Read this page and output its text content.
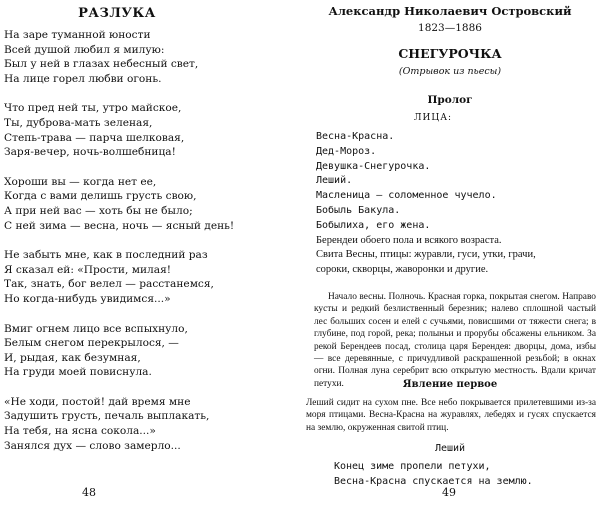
РАЗЛУКА
На заре туманной юности
Всей душой любил я милую:
Был у ней в глазах небесный свет,
На лице горел любви огонь.
Что пред ней ты, утро майское,
Ты, дуброва-мать зеленая,
Степь-трава — парча шелковая,
Заря-вечер, ночь-волшебница!
Хороши вы — когда нет ее,
Когда с вами делишь грусть свою,
А при ней вас — хоть бы не было;
С ней зима — весна, ночь — ясный день!
Не забыть мне, как в последний раз
Я сказал ей: «Прости, милая!
Так, знать, бог велел — расстанемся,
Но когда-нибудь увидимся...»
Вмиг огнем лицо все вспыхнуло,
Белым снегом перекрылося, —
И, рыдая, как безумная,
На груди моей повиснула.
«Не ходи, постой! дай время мне
Задушить грусть, печаль выплакать,
На тебя, на ясна сокола...»
Занялся дух — слово замерло...
48
Александр Николаевич Островский
1823—1886
СНЕГУРОЧКА
(Отрывок из пьесы)
Пролог
ЛИЦА:
Весна-Красна.
Дед-Мороз.
Девушка-Снегурочка.
Леший.
Масленица — соломенное чучело.
Бобыль Бакула.
Бобылиха, его жена.
Берендеи обоего пола и всякого возраста.
Свита Весны, птицы: журавли, гуси, утки, грачи,
сороки, скворцы, жаворонки и другие.

Начало весны. Полночь. Красная горка, покрытая снегом. Направо кусты и редкий безлиственный березник; налево сплошной частый лес больших сосен и елей с сучьями, повисшими от тяжести снега; в глубине, под горой, река; полыньи и прорубы обсажены ельником. За рекой Берендеев посад, столица царя Берендея: дворцы, дома, избы — все деревянные, с причудливой раскрашенной резьбой; в окнах огни. Полная луна серебрит всю открытую местность. Вдали кричат петухи.	Явление первое

Леший сидит на сухом пне. Все небо покрывается прилетевшими из-за моря птицами. Весна-Красна на журавлях, лебедях и гусях спускается на землю, окруженная свитой птиц.

Леший
Конец зиме пропели петухи,
Весна-Красна спускается на землю.
49
